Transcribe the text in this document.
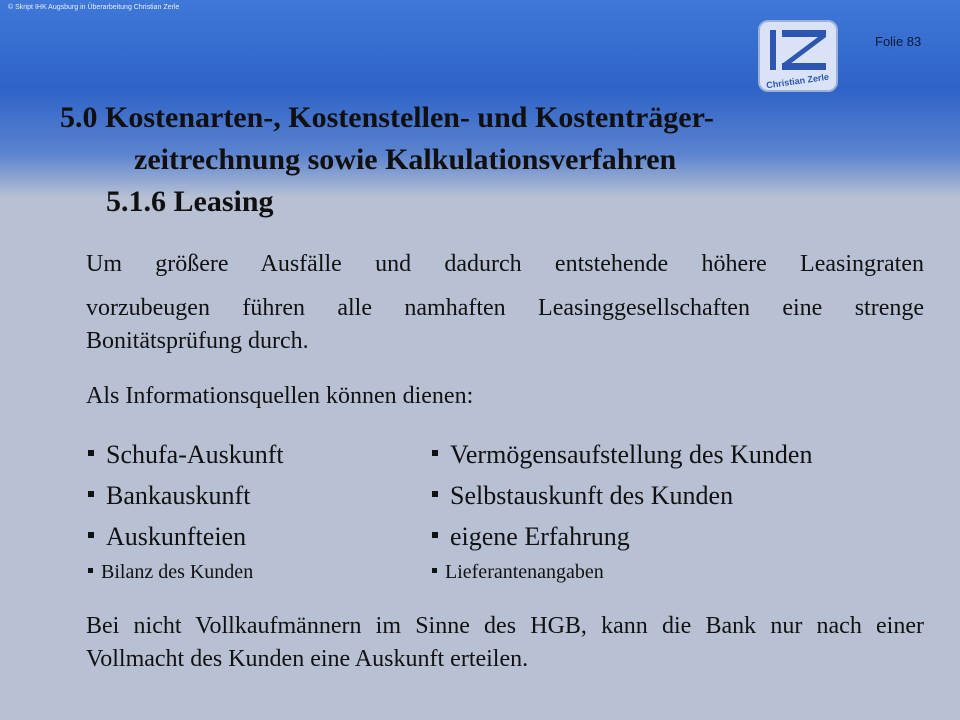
© Skript IHK Augsburg in Überarbeitung Christian Zerle
Folie 83
Christian Zerle
5.0 Kostenarten-, Kostenstellen- und Kostenträger-
zeitrechnung sowie Kalkulationsverfahren
5.1.6 Leasing
Um größere Ausfälle und dadurch entstehende höhere Leasingraten
vorzubeugen führen alle namhaften Leasinggesellschaften eine strenge Bonitätsprüfung durch.
Als Informationsquellen können dienen:
Schufa-Auskunft	Vermögensaufstellung des Kunden
Bankauskunft	Selbstauskunft des Kunden
Auskunfteien	eigene Erfahrung
Bilanz des Kunden	Lieferantenangaben
Bei nicht Vollkaufmännern im Sinne des HGB, kann die Bank nur nach einer Vollmacht des Kunden eine Auskunft erteilen.
